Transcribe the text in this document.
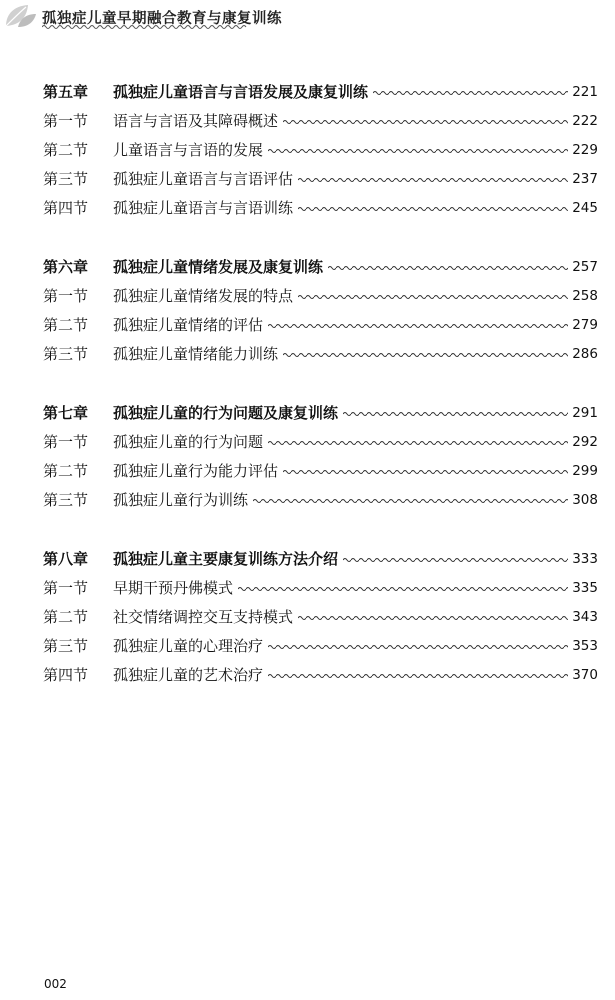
孤独症儿童早期融合教育与康复训练
第五章	孤独症儿童语言与言语发展及康复训练	221
第一节	语言与言语及其障碍概述	222
第二节	儿童语言与言语的发展	229
第三节	孤独症儿童语言与言语评估	237
第四节	孤独症儿童语言与言语训练	245
第六章	孤独症儿童情绪发展及康复训练	257
第一节	孤独症儿童情绪发展的特点	258
第二节	孤独症儿童情绪的评估	279
第三节	孤独症儿童情绪能力训练	286
第七章	孤独症儿童的行为问题及康复训练	291
第一节	孤独症儿童的行为问题	292
第二节	孤独症儿童行为能力评估	299
第三节	孤独症儿童行为训练	308
第八章	孤独症儿童主要康复训练方法介绍	333
第一节	早期干预丹佛模式	335
第二节	社交情绪调控交互支持模式	343
第三节	孤独症儿童的心理治疗	353
第四节	孤独症儿童的艺术治疗	370
002
